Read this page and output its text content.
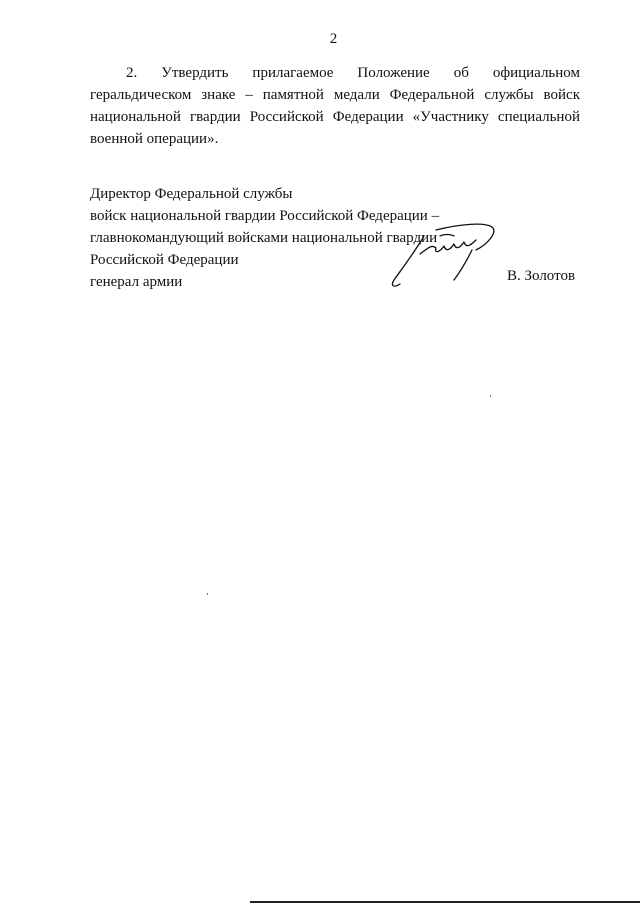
2

2. Утвердить прилагаемое Положение об официальном геральдическом знаке – памятной медали Федеральной службы войск национальной гвардии Российской Федерации «Участнику специальной военной операции».

Директор Федеральной службы
войск национальной гвардии Российской Федерации –
главнокомандующий войсками национальной гвардии
Российской Федерации
генерал армии	В. Золотов
